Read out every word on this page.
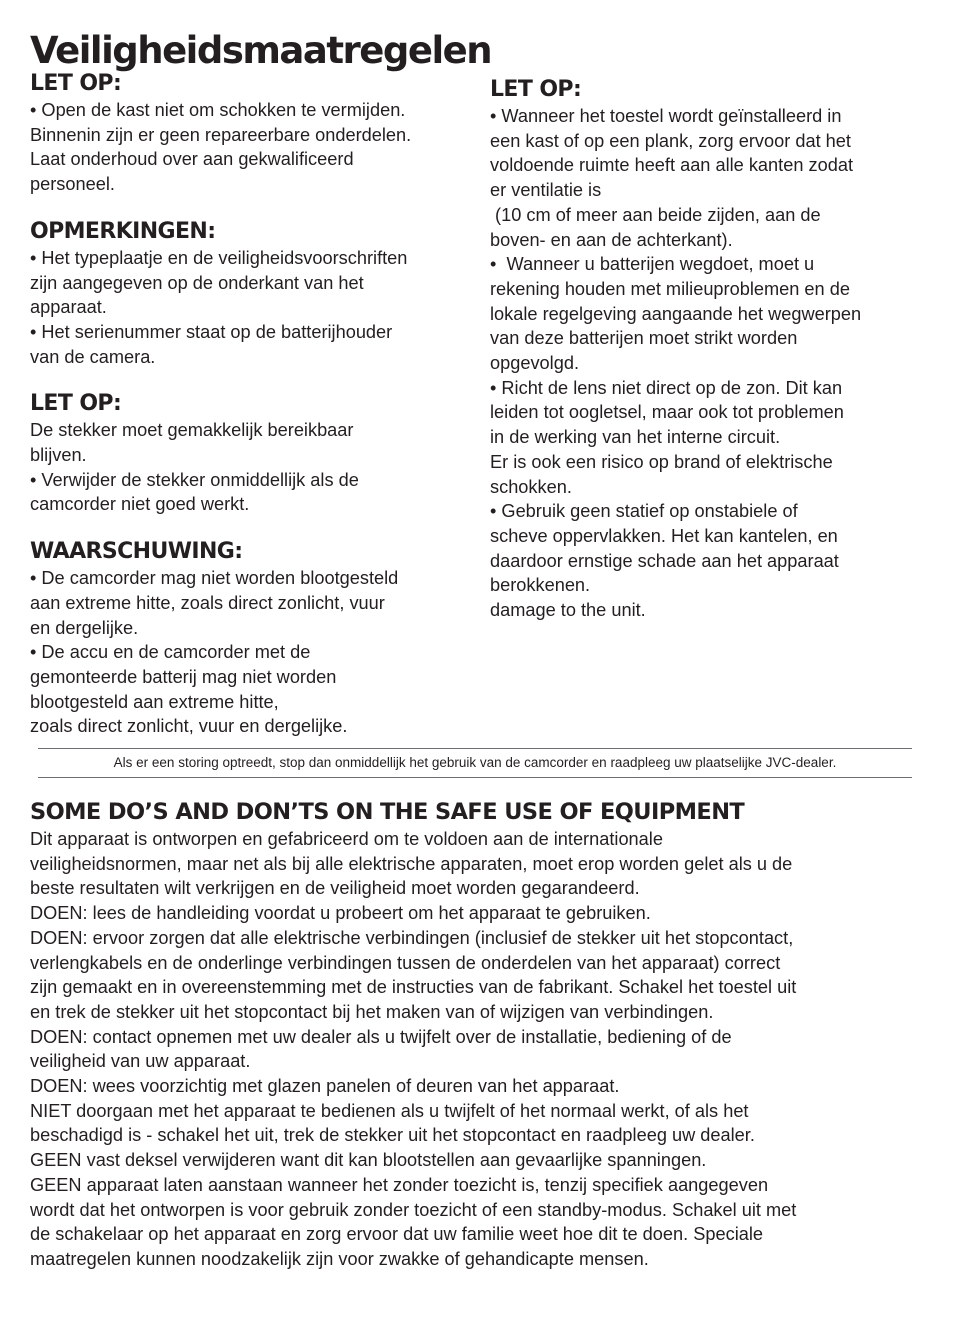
Veiligheidsmaatregelen
LET OP:

• Open de kast niet om schokken te vermijden.
Binnenin zijn er geen repareerbare onderdelen.
Laat onderhoud over aan gekwalificeerd
personeel.

OPMERKINGEN:

• Het typeplaatje en de veiligheidsvoorschriften
zijn aangegeven op de onderkant van het
apparaat.
• Het serienummer staat op de batterijhouder
van de camera.

LET OP:

De stekker moet gemakkelijk bereikbaar
blijven.
• Verwijder de stekker onmiddellijk als de
camcorder niet goed werkt.

WAARSCHUWING:

• De camcorder mag niet worden blootgesteld
aan extreme hitte, zoals direct zonlicht, vuur
en dergelijke.
• De accu en de camcorder met de
gemonteerde batterij mag niet worden
blootgesteld aan extreme hitte,
zoals direct zonlicht, vuur en dergelijke.

LET OP:

• Wanneer het toestel wordt geïnstalleerd in
een kast of op een plank, zorg ervoor dat het
voldoende ruimte heeft aan alle kanten zodat
er ventilatie is
(10 cm of meer aan beide zijden, aan de
boven- en aan de achterkant).
•  Wanneer u batterijen wegdoet, moet u
rekening houden met milieuproblemen en de
lokale regelgeving aangaande het wegwerpen
van deze batterijen moet strikt worden
opgevolgd.
• Richt de lens niet direct op de zon. Dit kan
leiden tot oogletsel, maar ook tot problemen
in de werking van het interne circuit.
Er is ook een risico op brand of elektrische
schokken.
• Gebruik geen statief op onstabiele of
scheve oppervlakken. Het kan kantelen, en
daardoor ernstige schade aan het apparaat
berokkenen.

damage to the unit.

Als er een storing optreedt, stop dan onmiddellijk het gebruik van de camcorder en raadpleeg uw plaatselijke JVC-dealer.
SOME DO’S AND DON’TS ON THE SAFE USE OF EQUIPMENT

Dit apparaat is ontworpen en gefabriceerd om te voldoen aan de internationale
veiligheidsnormen, maar net als bij alle elektrische apparaten, moet erop worden gelet als u de
beste resultaten wilt verkrijgen en de veiligheid moet worden gegarandeerd.
DOEN: lees de handleiding voordat u probeert om het apparaat te gebruiken.
DOEN: ervoor zorgen dat alle elektrische verbindingen (inclusief de stekker uit het stopcontact,
verlengkabels en de onderlinge verbindingen tussen de onderdelen van het apparaat) correct
zijn gemaakt en in overeenstemming met de instructies van de fabrikant. Schakel het toestel uit
en trek de stekker uit het stopcontact bij het maken van of wijzigen van verbindingen.
DOEN: contact opnemen met uw dealer als u twijfelt over de installatie, bediening of de
veiligheid van uw apparaat.
DOEN: wees voorzichtig met glazen panelen of deuren van het apparaat.
NIET doorgaan met het apparaat te bedienen als u twijfelt of het normaal werkt, of als het
beschadigd is - schakel het uit, trek de stekker uit het stopcontact en raadpleeg uw dealer.
GEEN vast deksel verwijderen want dit kan blootstellen aan gevaarlijke spanningen.
GEEN apparaat laten aanstaan wanneer het zonder toezicht is, tenzij specifiek aangegeven
wordt dat het ontworpen is voor gebruik zonder toezicht of een standby-modus. Schakel uit met
de schakelaar op het apparaat en zorg ervoor dat uw familie weet hoe dit te doen. Speciale
maatregelen kunnen noodzakelijk zijn voor zwakke of gehandicapte mensen.
